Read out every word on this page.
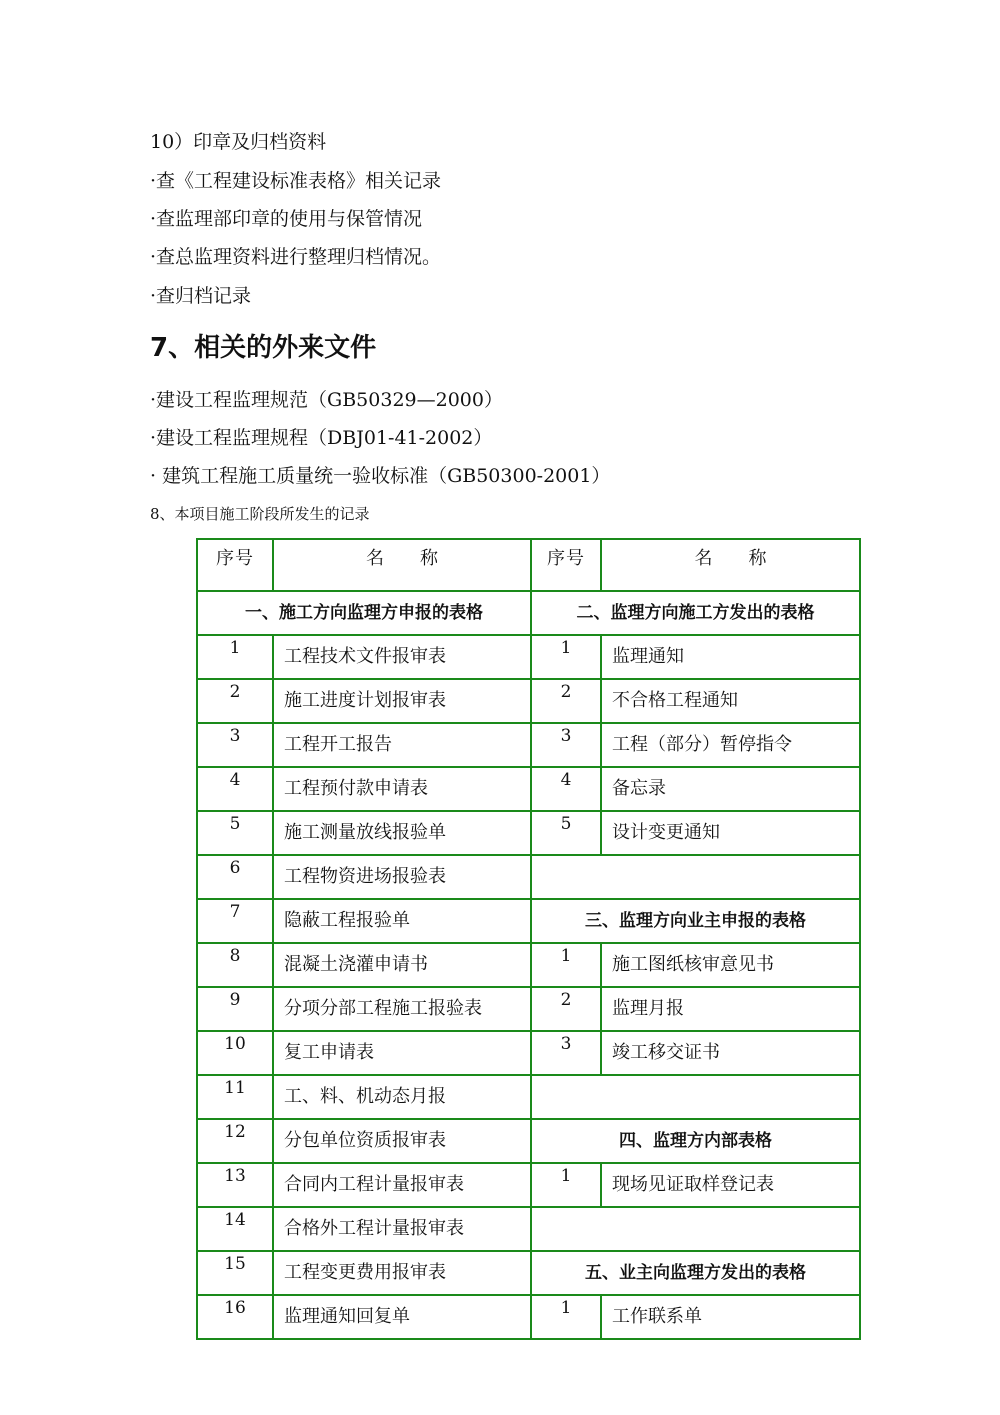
10）印章及归档资料
·查《工程建设标准表格》相关记录
·查监理部印章的使用与保管情况
·查总监理资料进行整理归档情况。
·查归档记录
7、相关的外来文件
·建设工程监理规范（GB50329—2000）
·建设工程监理规程（DBJ01-41-2002）
· 建筑工程施工质量统一验收标准（GB50300-2001）
8、本项目施工阶段所发生的记录
序号	名　　称	序号	名　　称
一、施工方向监理方申报的表格		二、监理方向施工方发出的表格	
1	工程技术文件报审表	1	监理通知
2	施工进度计划报审表	2	不合格工程通知
3	工程开工报告	3	工程（部分）暂停指令
4	工程预付款申请表	4	备忘录
5	施工测量放线报验单	5	设计变更通知
6	工程物资进场报验表		
7	隐蔽工程报验单	三、监理方向业主申报的表格	
8	混凝土浇灌申请书	1	施工图纸核审意见书
9	分项分部工程施工报验表	2	监理月报
10	复工申请表	3	竣工移交证书
11	工、料、机动态月报		
12	分包单位资质报审表	四、监理方内部表格	
13	合同内工程计量报审表	1	现场见证取样登记表
14	合格外工程计量报审表		
15	工程变更费用报审表	五、业主向监理方发出的表格	
16	监理通知回复单	1	工作联系单
